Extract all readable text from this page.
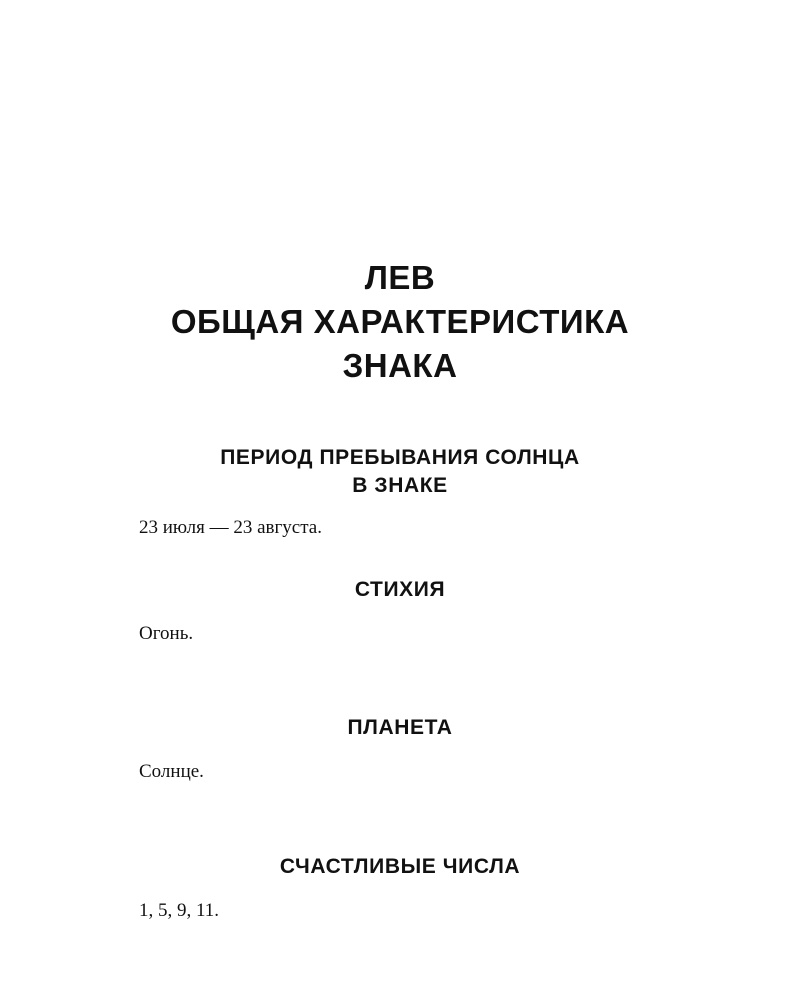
ЛЕВ
ОБЩАЯ ХАРАКТЕРИСТИКА
ЗНАКА
ПЕРИОД ПРЕБЫВАНИЯ СОЛНЦА
В ЗНАКЕ

23 июля — 23 августа.

СТИХИЯ

Огонь.

ПЛАНЕТА

Солнце.

СЧАСТЛИВЫЕ ЧИСЛА

1, 5, 9, 11.
